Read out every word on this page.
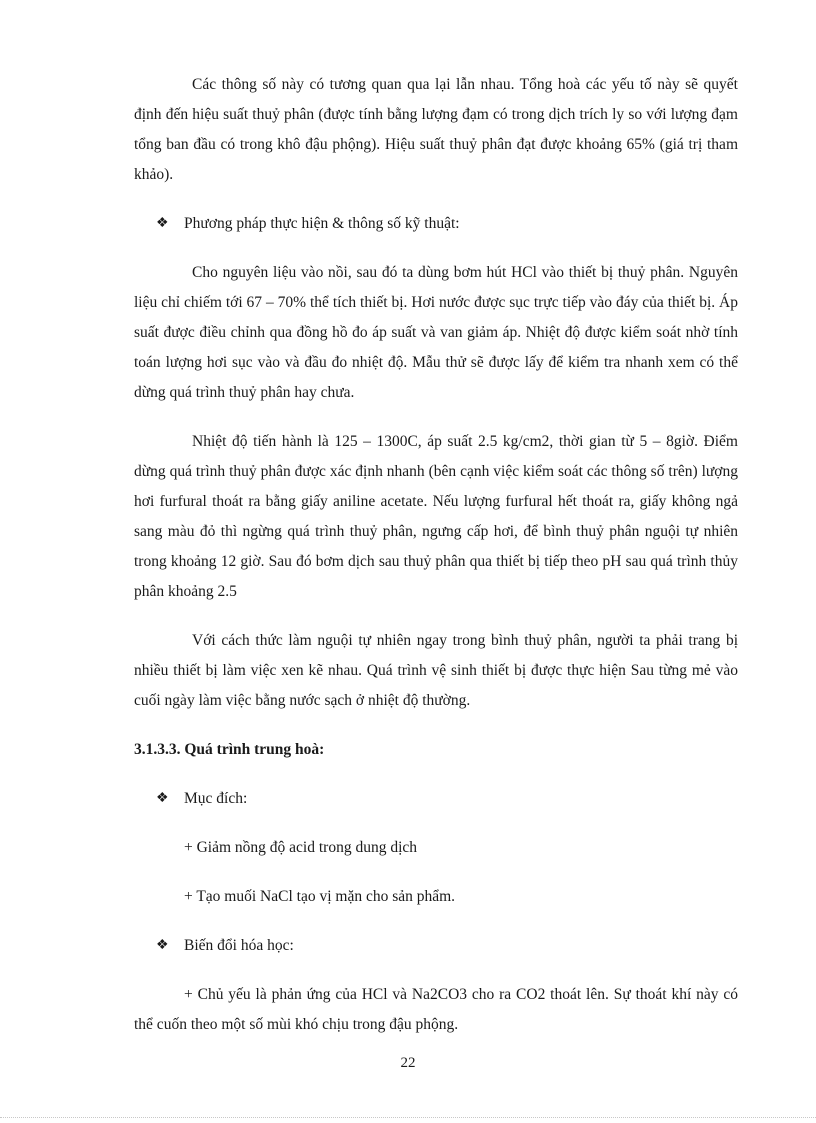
Các thông số này có tương quan qua lại lẫn nhau. Tổng hoà các yếu tố này sẽ quyết định đến hiệu suất thuỷ phân (được tính bằng lượng đạm có trong dịch trích ly so với lượng đạm tổng ban đầu có trong khô đậu phộng). Hiệu suất thuỷ phân đạt được khoảng 65% (giá trị tham khảo).

❖ Phương pháp thực hiện & thông số kỹ thuật:

Cho nguyên liệu vào nồi, sau đó ta dùng bơm hút HCl vào thiết bị thuỷ phân. Nguyên liệu chỉ chiếm tới 67 – 70% thể tích thiết bị. Hơi nước được sục trực tiếp vào đáy của thiết bị. Áp suất được điều chỉnh qua đồng hồ đo áp suất và van giảm áp. Nhiệt độ được kiểm soát nhờ tính toán lượng hơi sục vào và đầu đo nhiệt độ. Mẫu thử sẽ được lấy để kiểm tra nhanh xem có thể dừng quá trình thuỷ phân hay chưa.

Nhiệt độ tiến hành là 125 – 1300C, áp suất 2.5 kg/cm2, thời gian từ 5 – 8giờ. Điểm dừng quá trình thuỷ phân được xác định nhanh (bên cạnh việc kiểm soát các thông số trên) lượng hơi furfural thoát ra bằng giấy aniline acetate. Nếu lượng furfural hết thoát ra, giấy không ngả sang màu đỏ thì ngừng quá trình thuỷ phân, ngưng cấp hơi, để bình thuỷ phân nguội tự nhiên trong khoảng 12 giờ. Sau đó bơm dịch sau thuỷ phân qua thiết bị tiếp theo pH sau quá trình thủy phân khoảng 2.5

Với cách thức làm nguội tự nhiên ngay trong bình thuỷ phân, người ta phải trang bị nhiều thiết bị làm việc xen kẽ nhau. Quá trình vệ sinh thiết bị được thực hiện Sau từng mẻ vào cuối ngày làm việc bằng nước sạch ở nhiệt độ thường.

3.1.3.3. Quá trình trung hoà:
❖ Mục đích:
+ Giảm nồng độ acid trong dung dịch
+ Tạo muối NaCl tạo vị mặn cho sản phẩm.
❖ Biến đổi hóa học:
+ Chủ yếu là phản ứng của HCl và Na2CO3 cho ra CO2 thoát lên. Sự thoát khí này có thể cuốn theo một số mùi khó chịu trong đậu phộng.
22
